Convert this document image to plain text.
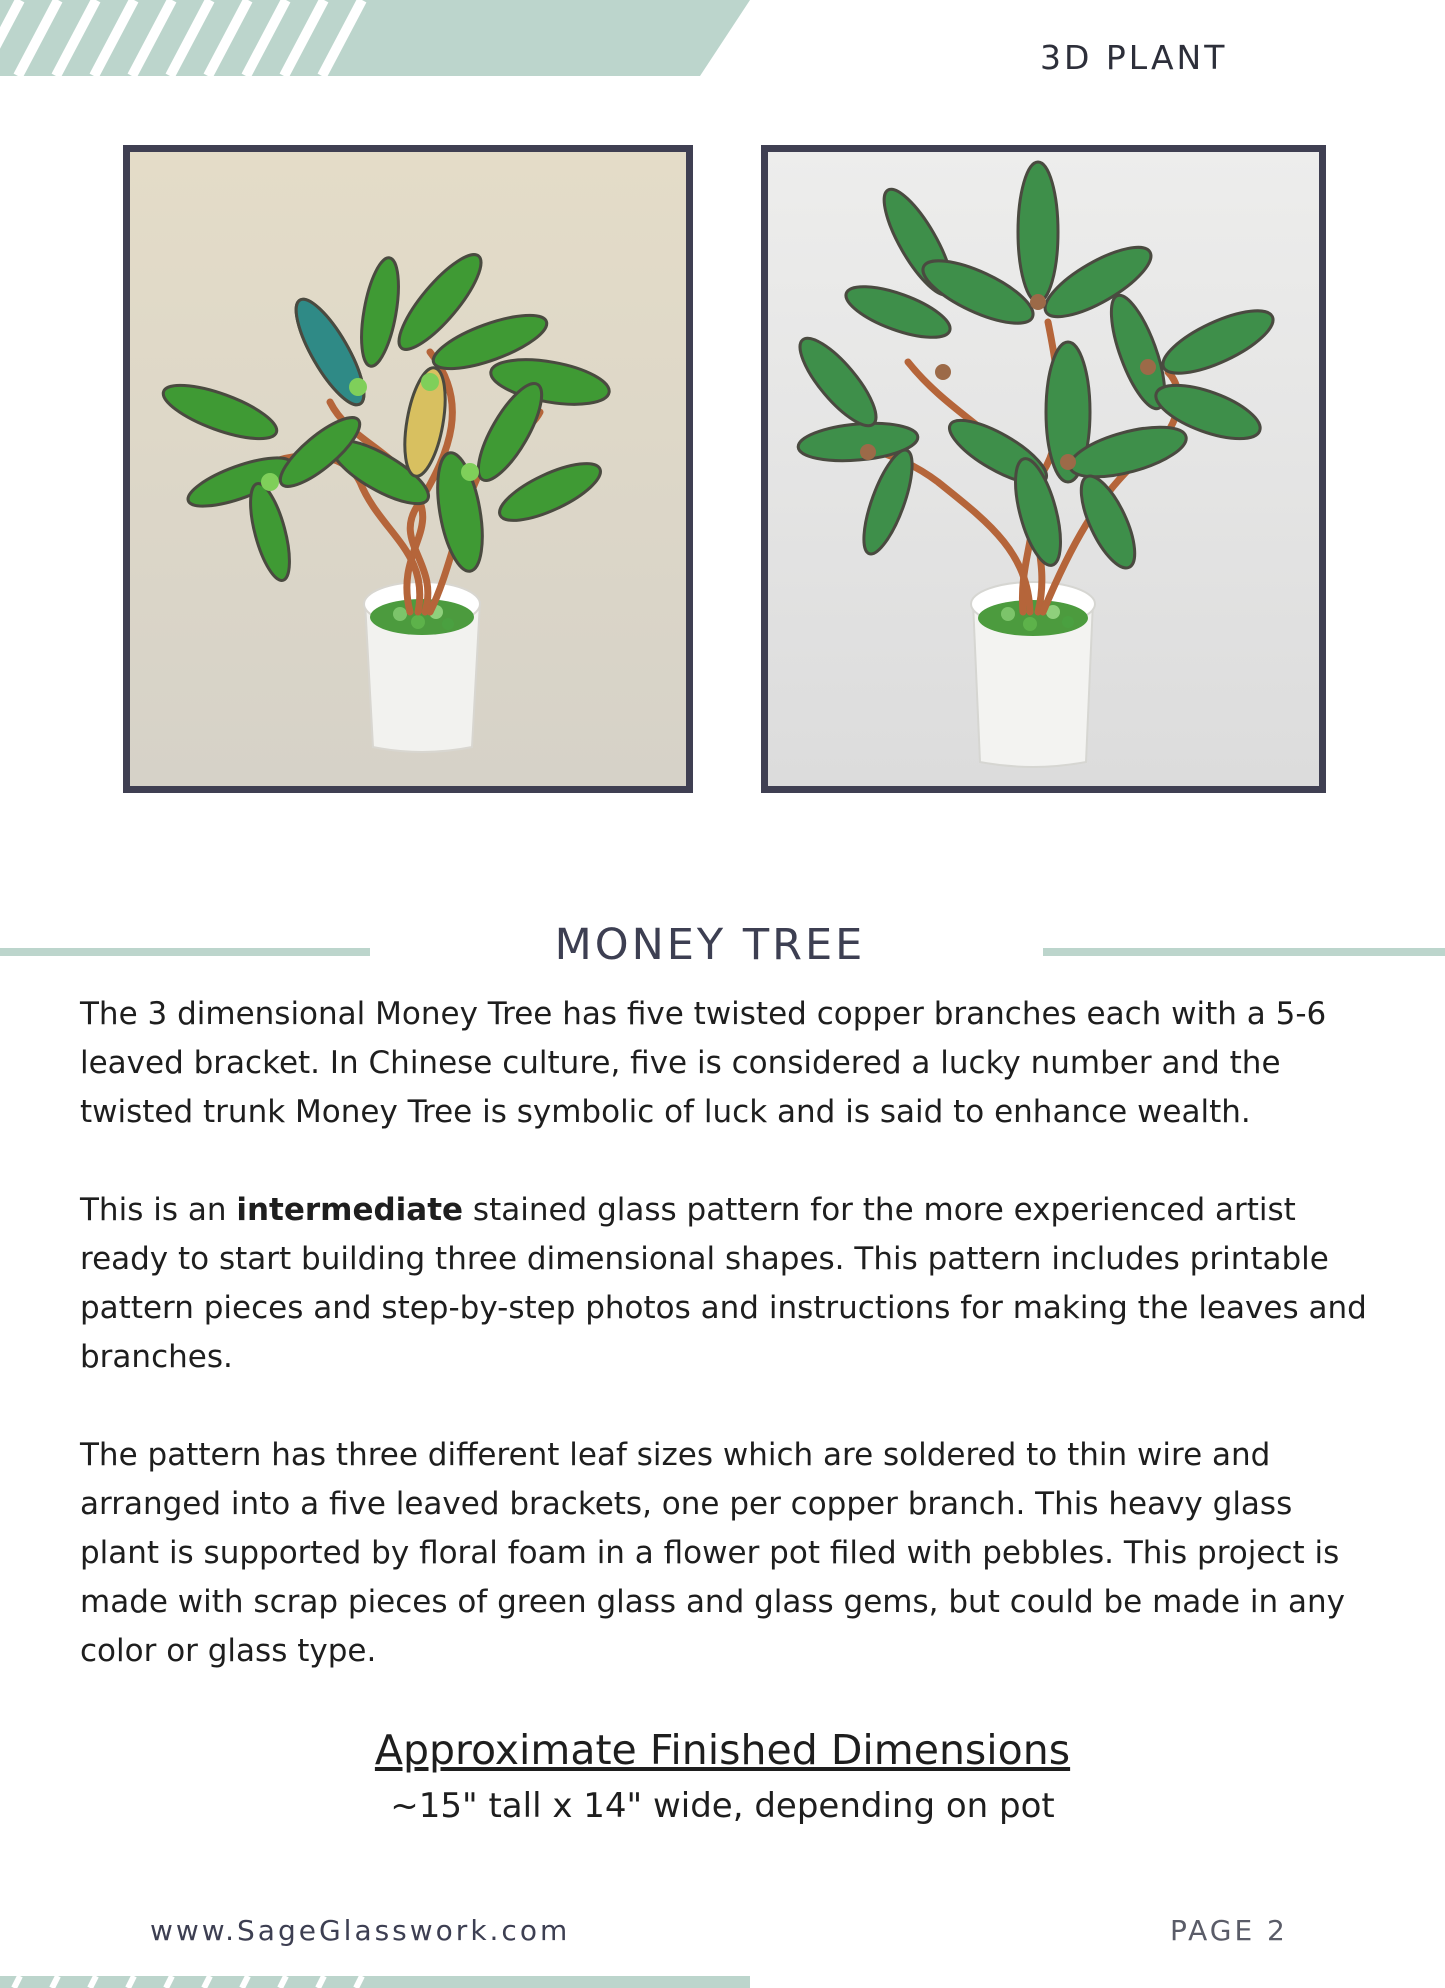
3D PLANT
MONEY TREE

The 3 dimensional Money Tree has five twisted copper branches each with a 5-6 leaved bracket. In Chinese culture, five is considered a lucky number and the twisted trunk Money Tree is symbolic of luck and is said to enhance wealth.

This is an intermediate stained glass pattern for the more experienced artist ready to start building three dimensional shapes. This pattern includes printable pattern pieces and step-by-step photos and instructions for making the leaves and branches.

The pattern has three different leaf sizes which are soldered to thin wire and arranged into a five leaved brackets, one per copper branch. This heavy glass plant is supported by floral foam in a flower pot filed with pebbles. This project is made with scrap pieces of green glass and glass gems, but could be made in any color or glass type.

Approximate Finished Dimensions
~15" tall x 14" wide, depending on pot
www.SageGlasswork.com	PAGE 2
